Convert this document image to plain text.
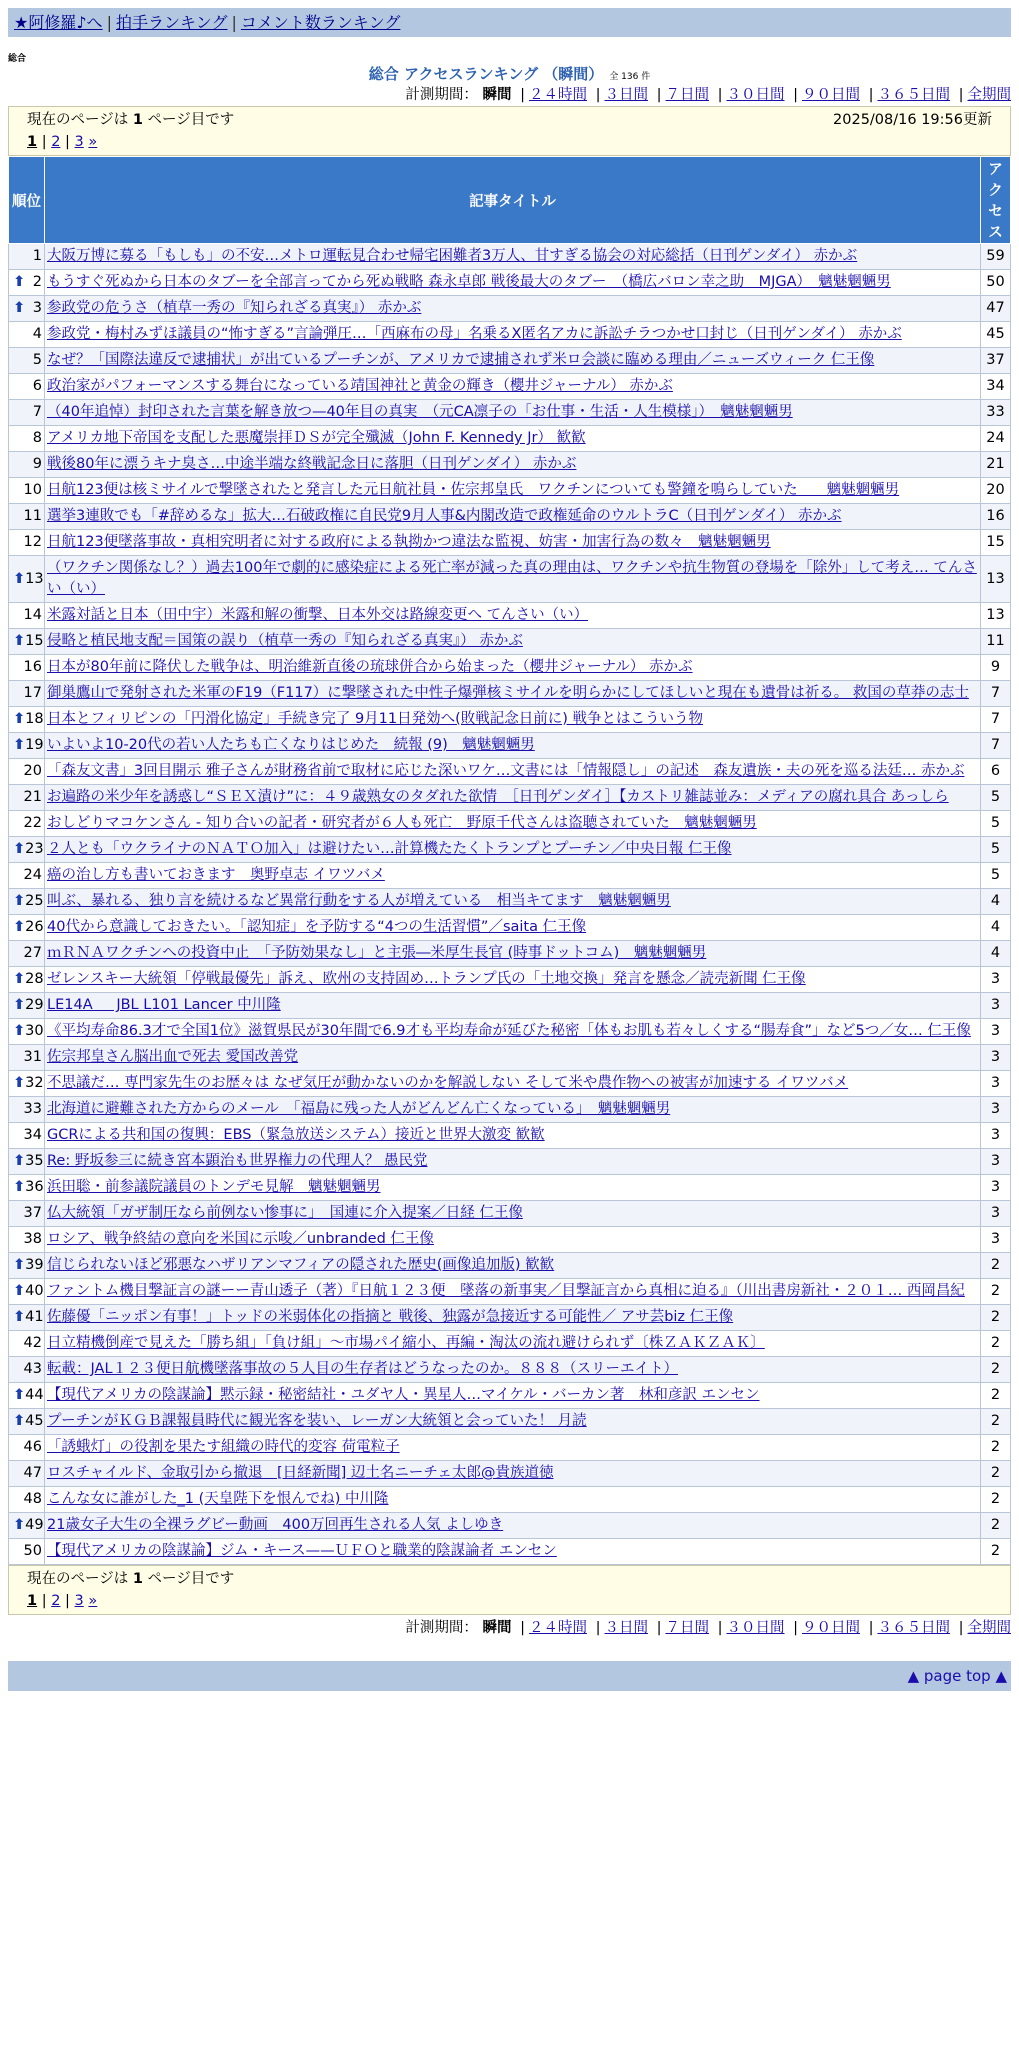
★阿修羅♪へ | 拍手ランキング | コメント数ランキング
総合
総合 アクセスランキング （瞬間） 全 136 件
計測期間： 瞬間 | ２４時間 | ３日間 | ７日間 | ３０日間 | ９０日間 | ３６５日間 | 全期間
現在のページは 1 ページ目です	2025/08/16 19:56更新
1 | 2 | 3 »
順位	記事タイトル	アクセス
1	大阪万博に募る「もしも」の不安…メトロ運転見合わせ帰宅困難者3万人、甘すぎる協会の対応総括（日刊ゲンダイ） 赤かぶ	59

⬆ 2	もうすぐ死ぬから日本のタブーを全部言ってから死ぬ戦略 森永卓郎 戦後最大のタブー　（橋広バロン幸之助　MJGA）　魑魅魍魎男	50

⬆ 3	参政党の危うさ（植草一秀の『知られざる真実』） 赤かぶ	47
4	参政党・梅村みずほ議員の“怖すぎる”言論弾圧…「西麻布の母」名乗るX匿名アカに訴訟チラつかせ口封じ（日刊ゲンダイ） 赤かぶ	45
5	なぜ？「国際法違反で逮捕状」が出ているプーチンが、アメリカで逮捕されず米ロ会談に臨める理由／ニューズウィーク 仁王像	37
6	政治家がパフォーマンスする舞台になっている靖国神社と黄金の輝き（櫻井ジャーナル） 赤かぶ	34
7	（40年追悼）封印された言葉を解き放つ—40年目の真実　（元CA凛子の「お仕事・生活・人生模様」）　魑魅魍魎男	33
8	アメリカ地下帝国を支配した悪魔崇拝ＤＳが完全殲滅（John F. Kennedy Jr） 歓歓	24
9	戦後80年に漂うキナ臭さ…中途半端な終戦記念日に落胆（日刊ゲンダイ） 赤かぶ	21
10	日航123便は核ミサイルで撃墜されたと発言した元日航社員・佐宗邦皇氏　ワクチンについても警鐘を鳴らしていた　　魑魅魍魎男	20
11	選挙3連敗でも「#辞めるな」拡大…石破政権に自民党9月人事&内閣改造で政権延命のウルトラC（日刊ゲンダイ） 赤かぶ	16
12	日航123便墜落事故・真相究明者に対する政府による執拗かつ違法な監視、妨害・加害行為の数々　魑魅魍魎男	15

⬆ 13	（ワクチン関係なし？）過去100年で劇的に感染症による死亡率が減った真の理由は、ワクチンや抗生物質の登場を「除外」して考え… てんさい（い）	13
14	米露対話と日本（田中宇）米露和解の衝撃、日本外交は路線変更へ てんさい（い）	13

⬆ 15	侵略と植民地支配＝国策の誤り（植草一秀の『知られざる真実』） 赤かぶ	11
16	日本が80年前に降伏した戦争は、明治維新直後の琉球併合から始まった（櫻井ジャーナル） 赤かぶ	9
17	御巣鷹山で発射された米軍のF19（F117）に撃墜された中性子爆弾核ミサイルを明らかにしてほしいと現在も遺骨は祈る。 救国の草莽の志士	7

⬆ 18	日本とフィリピンの「円滑化協定」手続き完了 9月11日発効へ(敗戦記念日前に) 戦争とはこういう物	7

⬆ 19	いよいよ10-20代の若い人たちも亡くなりはじめた　続報 (9)　魑魅魍魎男	7
20	「森友文書」3回目開示 雅子さんが財務省前で取材に応じた深いワケ…文書には「情報隠し」の記述　森友遺族・夫の死を巡る法廷… 赤かぶ	6
21	お遍路の米少年を誘惑し“ＳＥＸ漬け”に：４９歳熟女のタダれた欲情　［日刊ゲンダイ］【カストリ雑誌並み：メディアの腐れ具合 あっしら	5
22	おしどりマコケンさん - 知り合いの記者・研究者が６人も死亡　野原千代さんは盗聴されていた　魑魅魍魎男	5

⬆ 23	２人とも「ウクライナのＮＡＴＯ加入」は避けたい…計算機たたくトランプとプーチン／中央日報 仁王像	5
24	癌の治し方も書いておきます　奥野卓志 イワツバメ	5

⬆ 25	叫ぶ、暴れる、独り言を続けるなど異常行動をする人が増えている　相当キてます　魑魅魍魎男	4

⬆ 26	40代から意識しておきたい。「認知症」を予防する“4つの生活習慣”／saita 仁王像	4
27	ｍＲＮＡワクチンへの投資中止　「予防効果なし」と主張―米厚生長官 (時事ドットコム)　魑魅魍魎男	4

⬆ 28	ゼレンスキー大統領「停戦最優先」訴え、欧州の支持固め…トランプ氏の「土地交換」発言を懸念／読売新聞 仁王像	3

⬆ 29	LE14A ＿ JBL L101 Lancer 中川隆	3

⬆ 30	《平均寿命86.3才で全国1位》滋賀県民が30年間で6.9才も平均寿命が延びた秘密「体もお肌も若々しくする“腸寿食”」など5つ／女… 仁王像	3
31	佐宗邦皇さん脳出血で死去 愛国改善党	3

⬆ 32	不思議だ… 専門家先生のお歴々は なぜ気圧が動かないのかを解説しない そして米や農作物への被害が加速する イワツバメ	3
33	北海道に避難された方からのメール　「福島に残った人がどんどん亡くなっている」　魑魅魍魎男	3
34	GCRによる共和国の復興：EBS（緊急放送システム）接近と世界大激変 歓歓	3

⬆ 35	Re: 野坂参三に続き宮本顕治も世界権力の代理人？ 愚民党	3

⬆ 36	浜田聡・前参議院議員のトンデモ見解　魑魅魍魎男	3
37	仏大統領「ガザ制圧なら前例ない惨事に」　国連に介入提案／日経 仁王像	3
38	ロシア、戦争終結の意向を米国に示唆／unbranded 仁王像	3

⬆ 39	信じられないほど邪悪なハザリアンマフィアの隠された歴史(画像追加版) 歓歓	2

⬆ 40	ファントム機目撃証言の謎ーー青山透子（著）『日航１２３便　墜落の新事実／目撃証言から真相に迫る』（川出書房新社・２０１… 西岡昌紀	2

⬆ 41	佐藤優「ニッポン有事！」トッドの米弱体化の指摘と 戦後、独露が急接近する可能性／ アサ芸biz 仁王像	2
42	日立精機倒産で見えた「勝ち組」「負け組」〜市場パイ縮小、再編・淘汰の流れ避けられず〔株ＺＡＫＺＡＫ〕	2
43	転載：JAL１２３便日航機墜落事故の５人目の生存者はどうなったのか。８８８（スリーエイト）	2

⬆ 44	【現代アメリカの陰謀論】黙示録・秘密結社・ユダヤ人・異星人…マイケル・バーカン著　林和彦訳 エンセン	2

⬆ 45	プーチンがＫＧＢ課報員時代に観光客を装い、レーガン大統領と会っていた！ 月読	2
46	「誘蛾灯」の役割を果たす組織の時代的変容 荷電粒子	2
47	ロスチャイルド、金取引から撤退　[日経新聞] 辺土名ニーチェ太郎@貴族道徳	2
48	こんな女に誰がした_1 (天皇陛下を恨んでね) 中川隆	2

⬆ 49	21歳女子大生の全裸ラグビー動画　400万回再生される人気 よしゆき	2
50	【現代アメリカの陰謀論】ジム・キース——ＵＦＯと職業的陰謀論者 エンセン	2
現在のページは 1 ページ目です
1 | 2 | 3 »
計測期間： 瞬間 | ２４時間 | ３日間 | ７日間 | ３０日間 | ９０日間 | ３６５日間 | 全期間
▲ page top ▲
